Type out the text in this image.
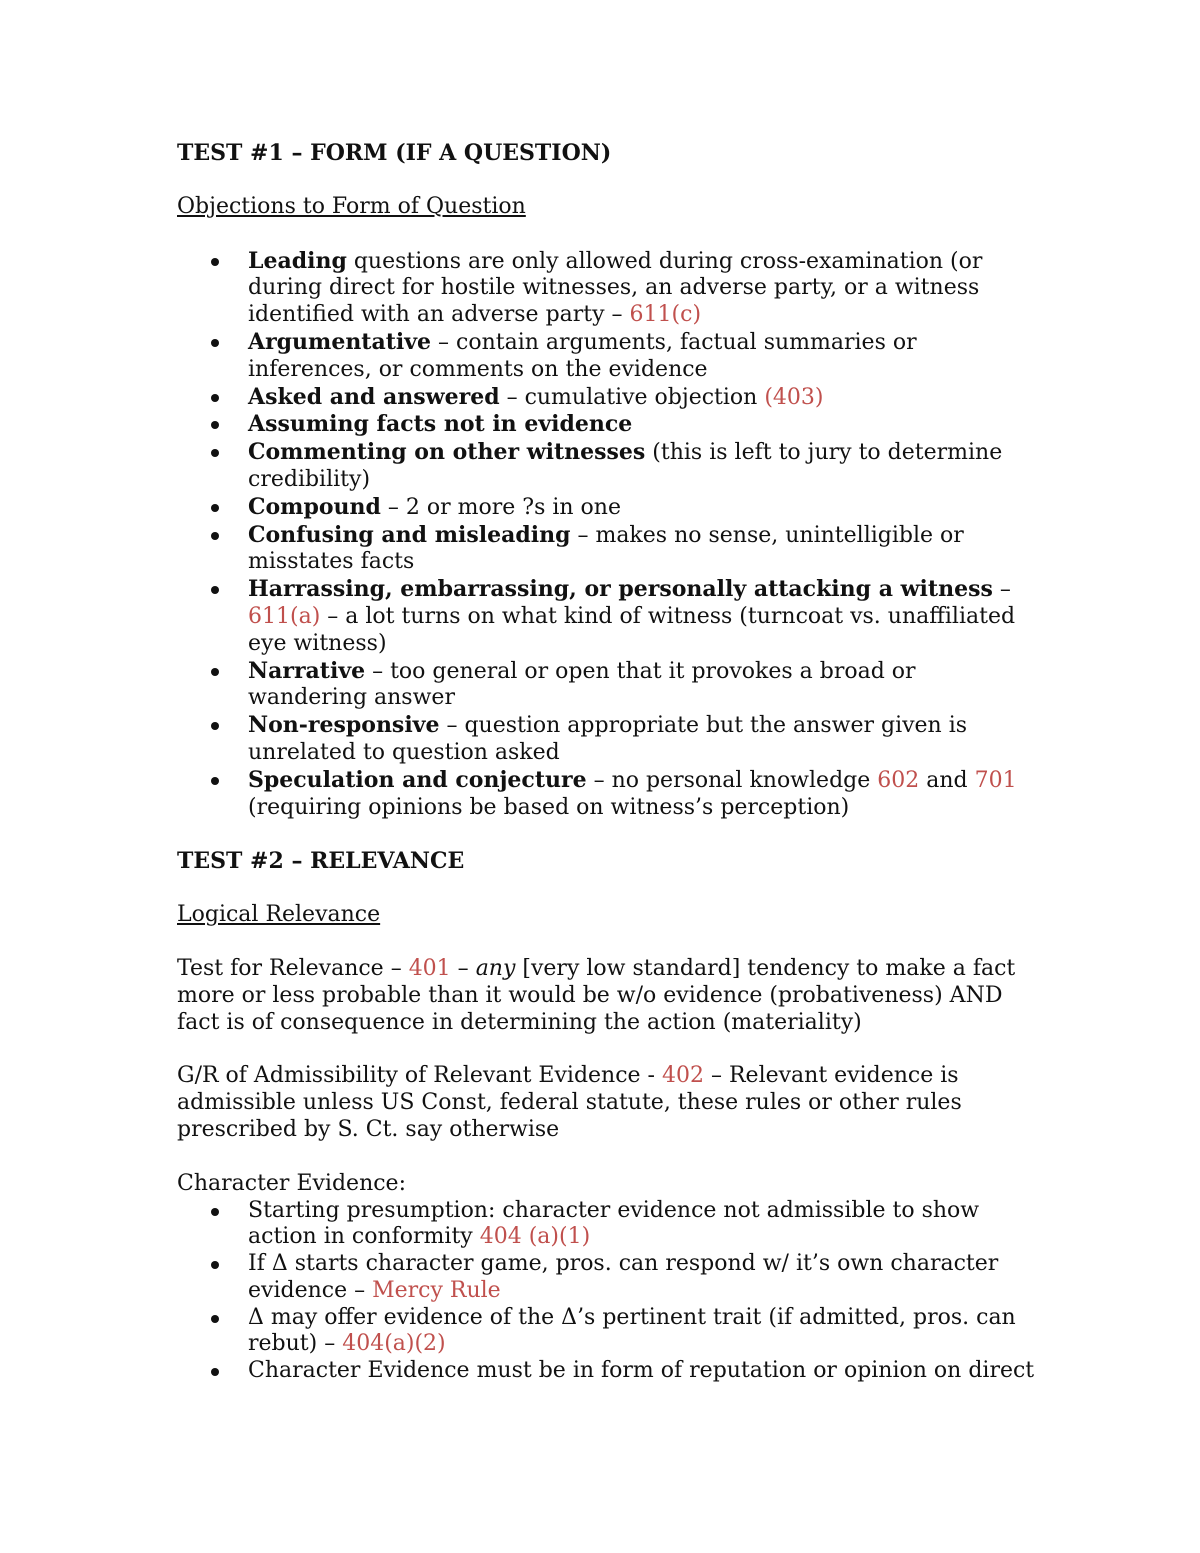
TEST #1 – FORM (IF A QUESTION)

Objections to Form of Question

Leading questions are only allowed during cross-examination (or during direct for hostile witnesses, an adverse party, or a witness identified with an adverse party – 611(c)
Argumentative – contain arguments, factual summaries or inferences, or comments on the evidence
Asked and answered – cumulative objection (403)
Assuming facts not in evidence
Commenting on other witnesses (this is left to jury to determine credibility)
Compound – 2 or more ?s in one
Confusing and misleading – makes no sense, unintelligible or misstates facts
Harrassing, embarrassing, or personally attacking a witness – 611(a) – a lot turns on what kind of witness (turncoat vs. unaffiliated eye witness)
Narrative – too general or open that it provokes a broad or wandering answer
Non-responsive – question appropriate but the answer given is unrelated to question asked
Speculation and conjecture – no personal knowledge 602 and 701 (requiring opinions be based on witness’s perception)

TEST #2 – RELEVANCE

Logical Relevance

Test for Relevance – 401 – any [very low standard] tendency to make a fact more or less probable than it would be w/o evidence (probativeness) AND fact is of consequence in determining the action (materiality)

G/R of Admissibility of Relevant Evidence - 402 – Relevant evidence is admissible unless US Const, federal statute, these rules or other rules prescribed by S. Ct. say otherwise

Character Evidence:

Starting presumption: character evidence not admissible to show action in conformity 404 (a)(1)
If Δ starts character game, pros. can respond w/ it’s own character evidence – Mercy Rule
Δ may offer evidence of the Δ’s pertinent trait (if admitted, pros. can rebut) – 404(a)(2)
Character Evidence must be in form of reputation or opinion on direct
